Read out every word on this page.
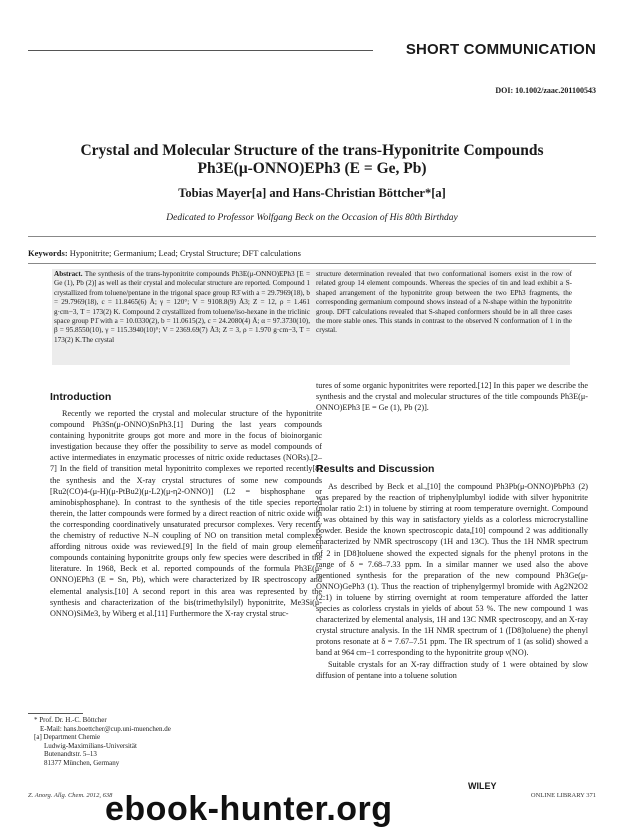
SHORT COMMUNICATION
DOI: 10.1002/zaac.201100543
Crystal and Molecular Structure of the trans-Hyponitrite Compounds
Ph3E(μ-ONNO)EPh3 (E = Ge, Pb)
Tobias Mayer[a] and Hans-Christian Böttcher*[a]
Dedicated to Professor Wolfgang Beck on the Occasion of His 80th Birthday
Keywords: Hyponitrite; Germanium; Lead; Crystal Structure; DFT calculations
Abstract. The synthesis of the trans-hyponitrite compounds Ph3E(μ-ONNO)EPh3 [E = Ge (1), Pb (2)] as well as their crystal and molecular structure are reported. Compound 1 crystallized from toluene/pentane in the trigonal space group R3̄ with a = 29.7969(18), b = 29.7969(18), c = 11.8465(6) Å; γ = 120°; V = 9108.8(9) Å3; Z = 12, ρ = 1.461 g·cm−3, T = 173(2) K. Compound 2 crystallized from toluene/iso-hexane in the triclinic space group P1̄ with a = 10.0330(2), b = 11.0615(2), c = 24.2080(4) Å; α = 97.3730(10), β = 95.8550(10), γ = 115.3940(10)°; V = 2369.69(7) Å3; Z = 3, ρ = 1.970 g·cm−3, T = 173(2) K.The crystal
structure determination revealed that two conformational isomers exist in the row of related group 14 element compounds. Whereas the species of tin and lead exhibit a S-shaped arrangement of the hyponitrite group between the two EPh3 fragments, the corresponding germanium compound shows instead of a N-shape within the hyponitrite group. DFT calculations revealed that S-shaped conformers should be in all three cases the more stable ones. This stands in contrast to the observed N conformation of 1 in the crystal.
Introduction

Recently we reported the crystal and molecular structure of the hyponitrite compound Ph3Sn(μ-ONNO)SnPh3.[1] During the last years compounds containing hyponitrite groups got more and more in the focus of bioinorganic investigation because they offer the possibility to serve as model compounds of active intermediates in enzymatic processes of nitric oxide reductases (NORs).[2–7] In the field of transition metal hyponitrito complexes we reported recently[8] the synthesis and the X-ray crystal structures of some new compounds [Ru2(CO)4-(μ-H)(μ-PtBu2)(μ-L2)(μ-η2-ONNO)] (L2 = bisphosphane or aminobisphosphane). In contrast to the synthesis of the title species reported therein, the latter compounds were formed by a direct reaction of nitric oxide with the corresponding coordinatively unsaturated precursor complexes. Very recently the chemistry of reductive N–N coupling of NO on transition metal complexes affording nitrous oxide was reviewed.[9] In the field of main group element compounds containing hyponitrite groups only few species were described in the literature. In 1968, Beck et al. reported compounds of the formula Ph3E(μ-ONNO)EPh3 (E = Sn, Pb), which were characterized by IR spectroscopy and elemental analysis.[10] A second report in this area was represented by the synthesis and characterization of the bis(trimethylsilyl) hyponitrite, Me3Si(μ-ONNO)SiMe3, by Wiberg et al.[11] Furthermore the X-ray crystal struc-

tures of some organic hyponitrites were reported.[12] In this paper we describe the synthesis and the crystal and molecular structures of the title compounds Ph3E(μ-ONNO)EPh3 [E = Ge (1), Pb (2)].

Results and Discussion

As described by Beck et al.,[10] the compound Ph3Pb(μ-ONNO)PbPh3 (2) was prepared by the reaction of triphenylplumbyl iodide with silver hyponitrite (molar ratio 2:1) in toluene by stirring at room temperature overnight. Compound 2 was obtained by this way in satisfactory yields as a colorless microcrystalline powder. Beside the known spectroscopic data,[10] compound 2 was additionally characterized by NMR spectroscopy (1H and 13C). Thus the 1H NMR spectrum of 2 in [D8]toluene showed the expected signals for the phenyl protons in the range of δ = 7.68–7.33 ppm. In a similar manner we used also the above mentioned synthesis for the preparation of the new compound Ph3Ge(μ-ONNO)GePh3 (1). Thus the reaction of triphenylgermyl bromide with Ag2N2O2 (2:1) in toluene by stirring overnight at room temperature afforded the latter species as colorless crystals in yields of about 53 %. The new compound 1 was characterized by elemental analysis, 1H and 13C NMR spectroscopy, and an X-ray crystal structure analysis. In the 1H NMR spectrum of 1 ([D8]toluene) the phenyl protons resonate at δ = 7.67–7.51 ppm. The IR spectrum of 1 (as solid) showed a band at 964 cm−1 corresponding to the hyponitrite group ν(NO).

Suitable crystals for an X-ray diffraction study of 1 were obtained by slow diffusion of pentane into a toluene solution

* Prof. Dr. H.-C. Böttcher
E-Mail: hans.boettcher@cup.uni-muenchen.de
[a] Department Chemie
Ludwig-Maximilians-Universität
Butenandtstr. 5–13
81377 München, Germany
Z. Anorg. Allg. Chem. 2012, 638	ONLINE LIBRARY 371
WILEY
ebook-hunter.org
